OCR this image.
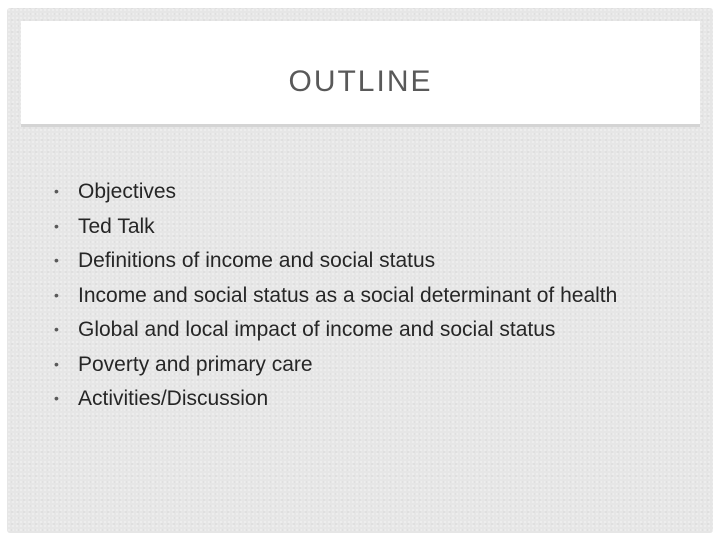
OUTLINE
• Objectives
• Ted Talk
• Definitions of income and social status
• Income and social status as a social determinant of health
• Global and local impact of income and social status
• Poverty and primary care
• Activities/Discussion
